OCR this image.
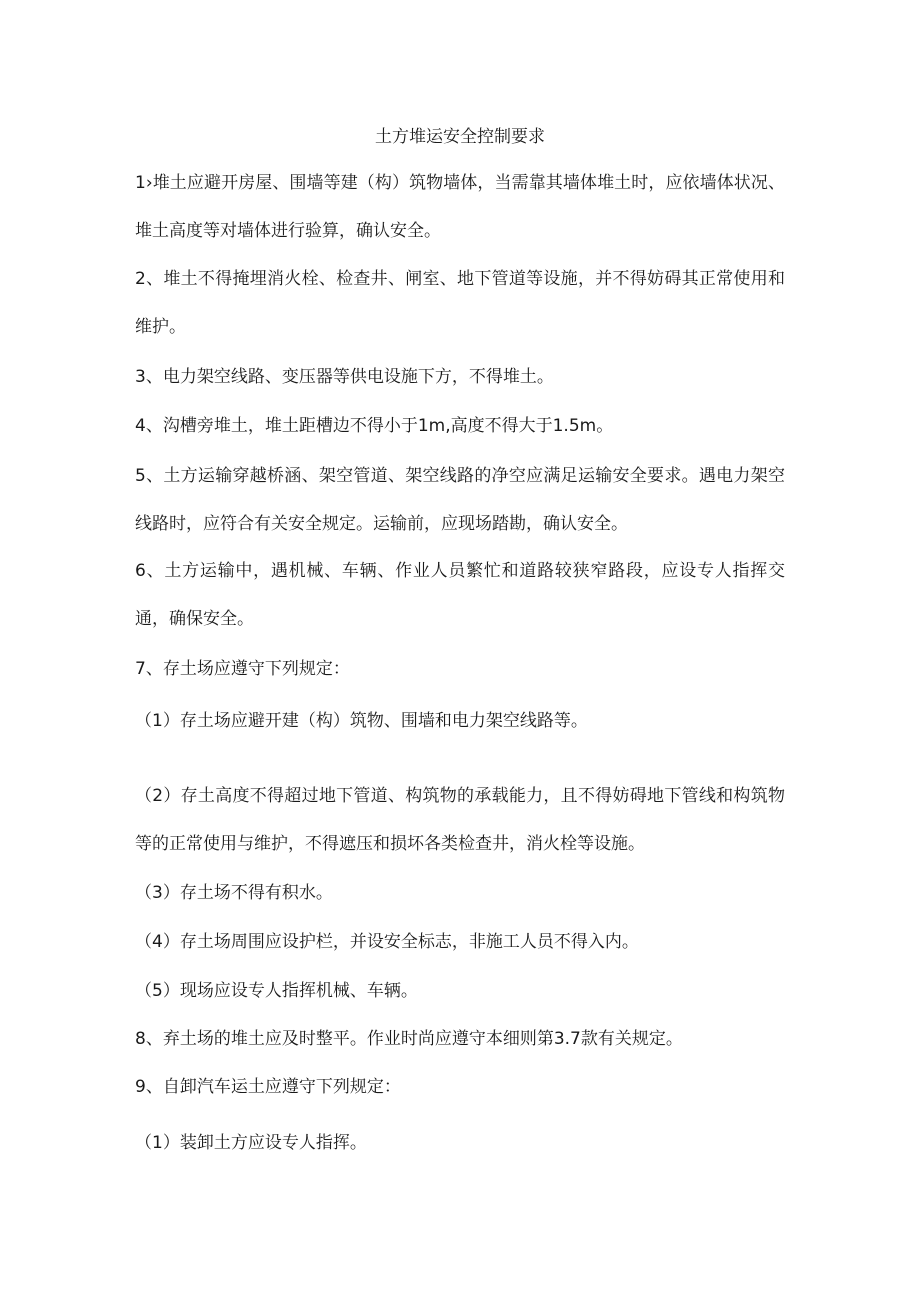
土方堆运安全控制要求
1›堆土应避开房屋、围墙等建（构）筑物墙体，当需靠其墙体堆土时，应依墙体状况、堆土高度等对墙体进行验算，确认安全。
2、堆土不得掩埋消火栓、检查井、闸室、地下管道等设施，并不得妨碍其正常使用和维护。
3、电力架空线路、变压器等供电设施下方，不得堆土。
4、沟槽旁堆土，堆土距槽边不得小于1m,高度不得大于1.5m。
5、土方运输穿越桥涵、架空管道、架空线路的净空应满足运输安全要求。遇电力架空线路时，应符合有关安全规定。运输前，应现场踏勘，确认安全。
6、土方运输中，遇机械、车辆、作业人员繁忙和道路较狭窄路段，应设专人指挥交通，确保安全。
7、存土场应遵守下列规定：
（1）存土场应避开建（构）筑物、围墙和电力架空线路等。
（2）存土高度不得超过地下管道、构筑物的承载能力，且不得妨碍地下管线和构筑物等的正常使用与维护，不得遮压和损坏各类检查井，消火栓等设施。
（3）存土场不得有积水。
（4）存土场周围应设护栏，并设安全标志，非施工人员不得入内。
（5）现场应设专人指挥机械、车辆。
8、弃土场的堆土应及时整平。作业时尚应遵守本细则第3.7款有关规定。
9、自卸汽车运土应遵守下列规定：
（1）装卸土方应设专人指挥。
